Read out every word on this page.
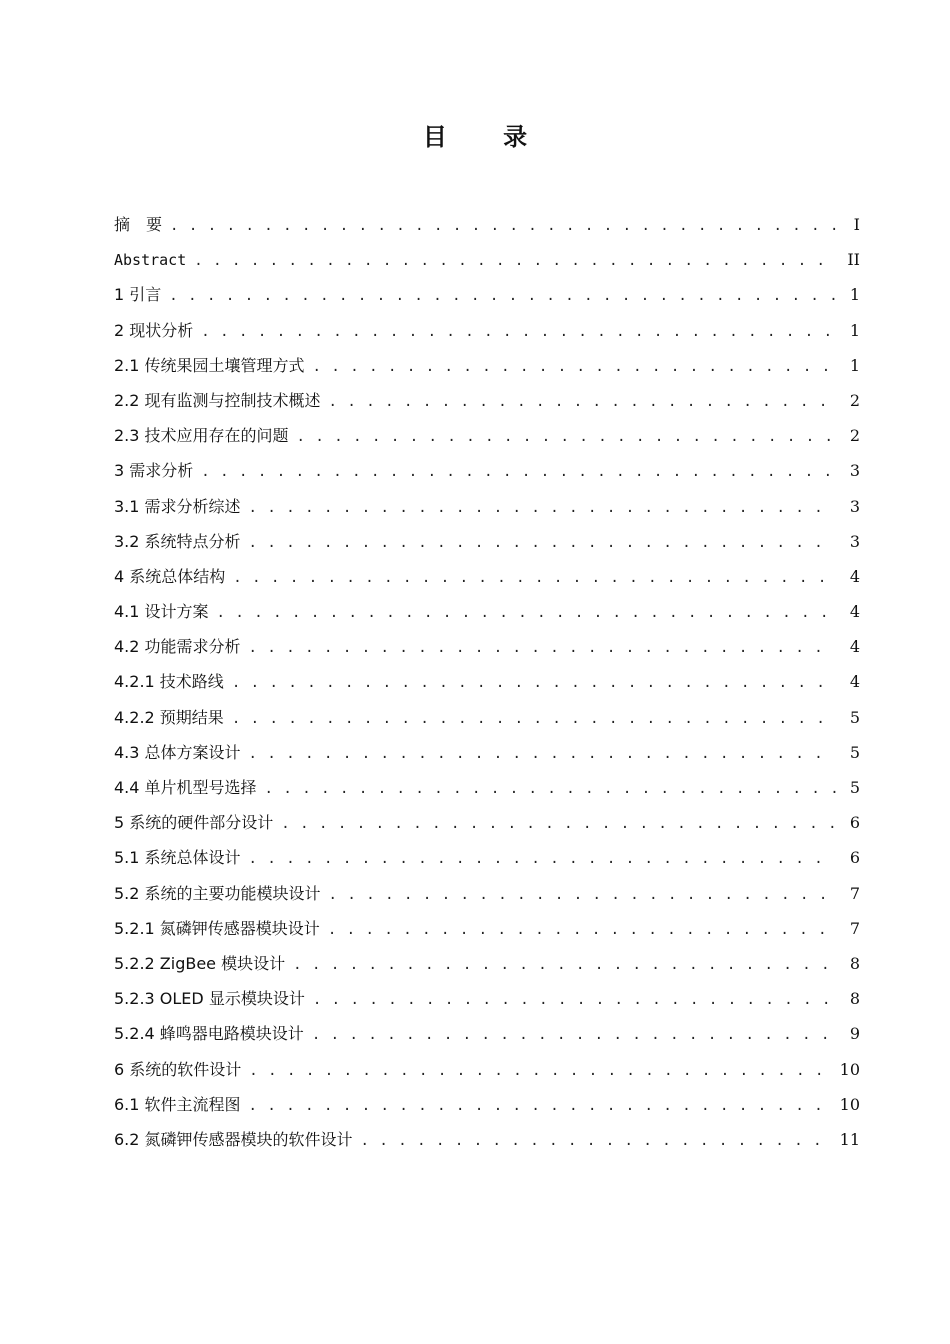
目 录
摘　要 . . .	I
Abstract . . .	II
1 引言 . . .	1
2 现状分析 . . .	1
2.1 传统果园土壤管理方式 . . .	1
2.2 现有监测与控制技术概述 . . .	2
2.3 技术应用存在的问题 . . .	2
3 需求分析 . . .	3
3.1 需求分析综述 . . .	3
3.2 系统特点分析 . . .	3
4 系统总体结构 . . .	4
4.1 设计方案 . . .	4
4.2 功能需求分析 . . .	4
4.2.1 技术路线 . . .	4
4.2.2 预期结果 . . .	5
4.3 总体方案设计 . . .	5
4.4 单片机型号选择 . . .	5
5 系统的硬件部分设计 . . .	6
5.1 系统总体设计 . . .	6
5.2 系统的主要功能模块设计 . . .	7
5.2.1 氮磷钾传感器模块设计 . . .	7
5.2.2 ZigBee 模块设计 . . .	8
5.2.3 OLED 显示模块设计 . . .	8
5.2.4 蜂鸣器电路模块设计 . . .	9
6 系统的软件设计 . . .	10
6.1 软件主流程图 . . .	10
6.2 氮磷钾传感器模块的软件设计 . . .	11
